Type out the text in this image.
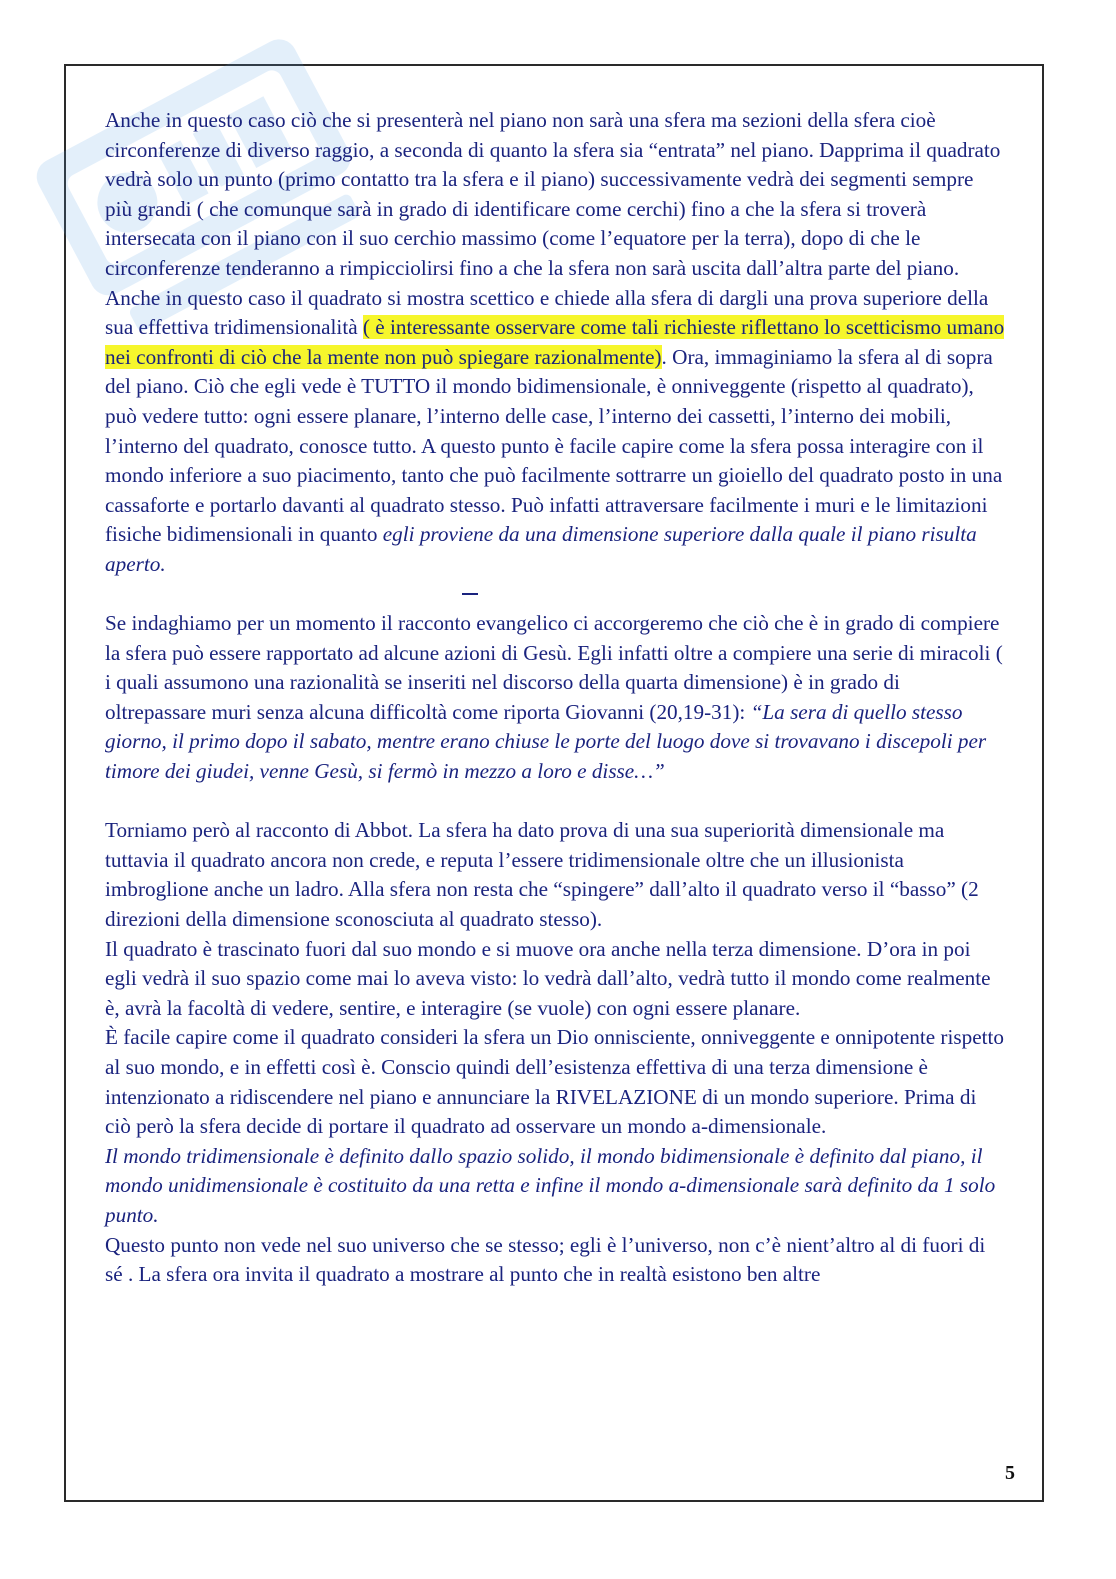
Anche in questo caso ciò che si presenterà nel piano non sarà una sfera ma sezioni della sfera cioè circonferenze di diverso raggio, a seconda di quanto la sfera sia “entrata” nel piano. Dapprima il quadrato vedrà solo un punto (primo contatto tra la sfera e il piano) successivamente vedrà dei segmenti sempre più grandi ( che comunque sarà in grado di identificare come cerchi) fino a che la sfera si troverà intersecata con il piano con il suo cerchio massimo (come l’equatore per la terra), dopo di che le circonferenze tenderanno a rimpicciolirsi fino a che la sfera non sarà uscita dall’altra parte del piano. Anche in questo caso il quadrato si mostra scettico e chiede alla sfera di dargli una prova superiore della sua effettiva tridimensionalità ( è interessante osservare come tali richieste riflettano lo scetticismo umano nei confronti di ciò che la mente non può spiegare razionalmente). Ora, immaginiamo la sfera al di sopra del piano. Ciò che egli vede è TUTTO il mondo bidimensionale, è onniveggente (rispetto al quadrato), può vedere tutto: ogni essere planare, l’interno delle case, l’interno dei cassetti, l’interno dei mobili, l’interno del quadrato, conosce tutto. A questo punto è facile capire come la sfera possa interagire con il mondo inferiore a suo piacimento, tanto che può facilmente sottrarre un gioiello del quadrato posto in una cassaforte e portarlo davanti al quadrato stesso. Può infatti attraversare facilmente i muri e le limitazioni fisiche bidimensionali in quanto egli proviene da una dimensione superiore dalla quale il piano risulta aperto.

Se indaghiamo per un momento il racconto evangelico ci accorgeremo che ciò che è in grado di compiere la sfera può essere rapportato ad alcune azioni di Gesù. Egli infatti oltre a compiere una serie di miracoli ( i quali assumono una razionalità se inseriti nel discorso della quarta dimensione) è in grado di oltrepassare muri senza alcuna difficoltà come riporta Giovanni (20,19-31): “La sera di quello stesso giorno, il primo dopo il sabato, mentre erano chiuse le porte del luogo dove si trovavano i discepoli per timore dei giudei, venne Gesù, si fermò in mezzo a loro e disse…”

Torniamo però al racconto di Abbot. La sfera ha dato prova di una sua superiorità dimensionale ma tuttavia il quadrato ancora non crede, e reputa l’essere tridimensionale oltre che un illusionista imbroglione anche un ladro. Alla sfera non resta che “spingere” dall’alto il quadrato verso il “basso” (2 direzioni della dimensione sconosciuta al quadrato stesso).

Il quadrato è trascinato fuori dal suo mondo e si muove ora anche nella terza dimensione. D’ora in poi egli vedrà il suo spazio come mai lo aveva visto: lo vedrà dall’alto, vedrà tutto il mondo come realmente è, avrà la facoltà di vedere, sentire, e interagire (se vuole) con ogni essere planare.

È facile capire come il quadrato consideri la sfera un Dio onnisciente, onniveggente e onnipotente rispetto al suo mondo, e in effetti così è. Conscio quindi dell’esistenza effettiva di una terza dimensione è intenzionato a ridiscendere nel piano e annunciare la RIVELAZIONE di un mondo superiore. Prima di ciò però la sfera decide di portare il quadrato ad osservare un mondo a-dimensionale.

Il mondo tridimensionale è definito dallo spazio solido, il mondo bidimensionale è definito dal piano, il mondo unidimensionale è costituito da una retta e infine il mondo a-dimensionale sarà definito da 1 solo punto.

Questo punto non vede nel suo universo che se stesso; egli è l’universo, non c’è nient’altro al di fuori di sé . La sfera ora invita il quadrato a mostrare al punto che in realtà esistono ben altre

5
